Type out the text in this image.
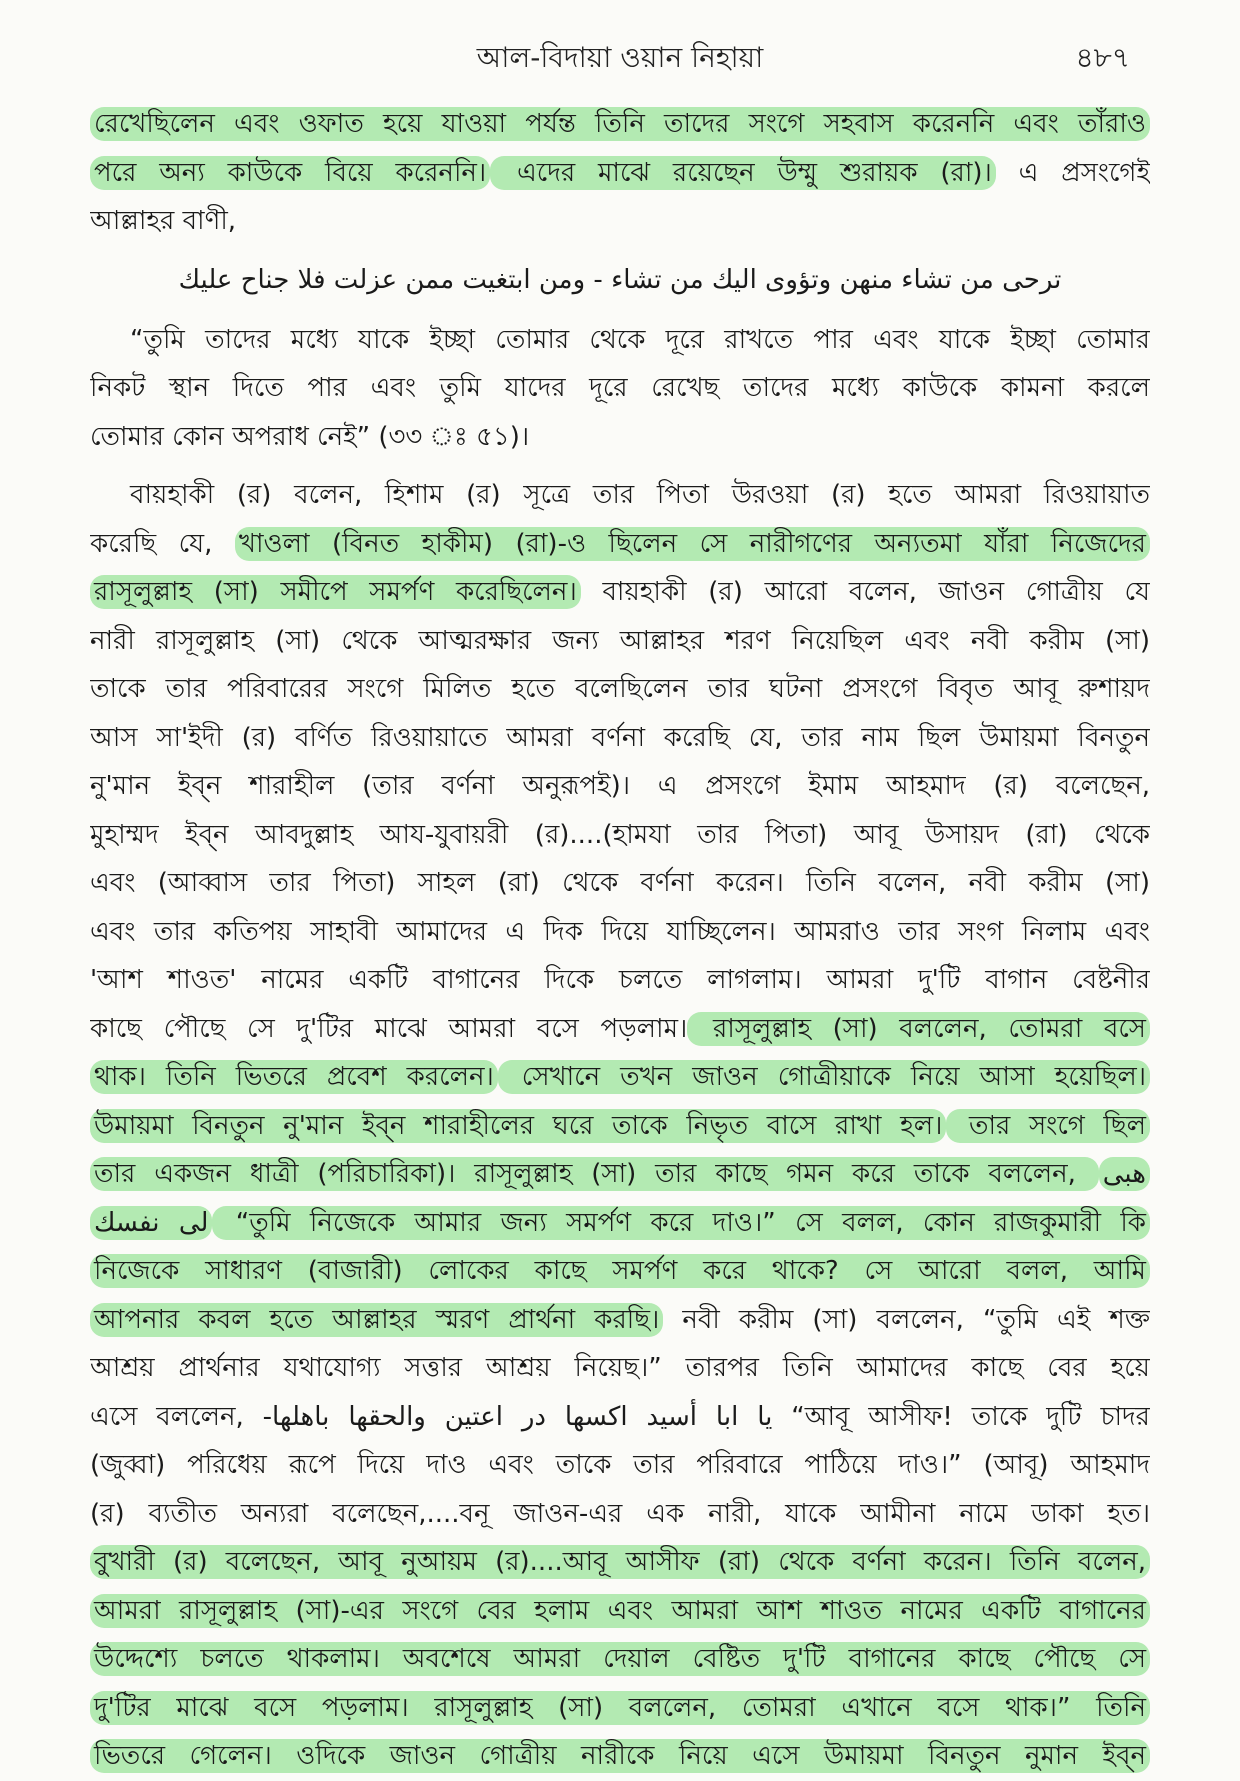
আল-বিদায়া ওয়ান নিহায়া	৪৮৭
রেখেছিলেন এবং ওফাত হয়ে যাওয়া পর্যন্ত তিনি তাদের সংগে সহবাস করেননি এবং তাঁরাও
পরে অন্য কাউকে বিয়ে করেননি। এদের মাঝে রয়েছেন উম্মু শুরায়ক (রা)। এ প্রসংগেই
আল্লাহর বাণী,
ترحی من تشاء منهن وتؤوی اليك من تشاء - ومن ابتغيت ممن عزلت فلا جناح عليك
“তুমি তাদের মধ্যে যাকে ইচ্ছা তোমার থেকে দূরে রাখতে পার এবং যাকে ইচ্ছা তোমার
নিকট স্থান দিতে পার এবং তুমি যাদের দূরে রেখেছ তাদের মধ্যে কাউকে কামনা করলে
তোমার কোন অপরাধ নেই” (৩৩ ঃ ৫১)।
বায়হাকী (র) বলেন, হিশাম (র) সূত্রে তার পিতা উরওয়া (র) হতে আমরা রিওয়ায়াত
করেছি যে, খাওলা (বিনত হাকীম) (রা)-ও ছিলেন সে নারীগণের অন্যতমা যাঁরা নিজেদের
রাসূলুল্লাহ (সা) সমীপে সমর্পণ করেছিলেন। বায়হাকী (র) আরো বলেন, জাওন গোত্রীয় যে
নারী রাসূলুল্লাহ (সা) থেকে আত্মরক্ষার জন্য আল্লাহর শরণ নিয়েছিল এবং নবী করীম (সা)
তাকে তার পরিবারের সংগে মিলিত হতে বলেছিলেন তার ঘটনা প্রসংগে বিবৃত আবূ রুশায়দ
আস সা'ইদী (র) বর্ণিত রিওয়ায়াতে আমরা বর্ণনা করেছি যে, তার নাম ছিল উমায়মা বিনতুন
নু'মান ইব্‌ন শারাহীল (তার বর্ণনা অনুরূপই)। এ প্রসংগে ইমাম আহমাদ (র) বলেছেন,
মুহাম্মদ ইব্‌ন আবদুল্লাহ আয-যুবায়রী (র)....(হামযা তার পিতা) আবূ উসায়দ (রা) থেকে
এবং (আব্বাস তার পিতা) সাহল (রা) থেকে বর্ণনা করেন। তিনি বলেন, নবী করীম (সা)
এবং তার কতিপয় সাহাবী আমাদের এ দিক দিয়ে যাচ্ছিলেন। আমরাও তার সংগ নিলাম এবং
'আশ শাওত' নামের একটি বাগানের দিকে চলতে লাগলাম। আমরা দু'টি বাগান বেষ্টনীর
কাছে পৌছে সে দু'টির মাঝে আমরা বসে পড়লাম। রাসূলুল্লাহ (সা) বললেন, তোমরা বসে
থাক। তিনি ভিতরে প্রবেশ করলেন। সেখানে তখন জাওন গোত্রীয়াকে নিয়ে আসা হয়েছিল।
উমায়মা বিনতুন নু'মান ইব্‌ন শারাহীলের ঘরে তাকে নিভৃত বাসে রাখা হল। তার সংগে ছিল
তার একজন ধাত্রী (পরিচারিকা)। রাসূলুল্লাহ (সা) তার কাছে গমন করে তাকে বললেন, هبی
لی نفسك “তুমি নিজেকে আমার জন্য সমর্পণ করে দাও।” সে বলল, কোন রাজকুমারী কি
নিজেকে সাধারণ (বাজারী) লোকের কাছে সমর্পণ করে থাকে? সে আরো বলল, আমি
আপনার কবল হতে আল্লাহর স্মরণ প্রার্থনা করছি। নবী করীম (সা) বললেন, “তুমি এই শক্ত
আশ্রয় প্রার্থনার যথাযোগ্য সত্তার আশ্রয় নিয়েছ।” তারপর তিনি আমাদের কাছে বের হয়ে
এসে বললেন, -يا ابا أسيد اكسها در اعتين والحقها باهلها “আবূ আসীফ! তাকে দুটি চাদর
(জুব্বা) পরিধেয় রূপে দিয়ে দাও এবং তাকে তার পরিবারে পাঠিয়ে দাও।” (আবূ) আহমাদ
(র) ব্যতীত অন্যরা বলেছেন,....বনূ জাওন-এর এক নারী, যাকে আমীনা নামে ডাকা হত।
বুখারী (র) বলেছেন, আবূ নুআয়ম (র)....আবূ আসীফ (রা) থেকে বর্ণনা করেন। তিনি বলেন,
আমরা রাসূলুল্লাহ (সা)-এর সংগে বের হলাম এবং আমরা আশ শাওত নামের একটি বাগানের
উদ্দেশ্যে চলতে থাকলাম। অবশেষে আমরা দেয়াল বেষ্টিত দু'টি বাগানের কাছে পৌছে সে
দু'টির মাঝে বসে পড়লাম। রাসূলুল্লাহ (সা) বললেন, তোমরা এখানে বসে থাক।” তিনি
ভিতরে গেলেন। ওদিকে জাওন গোত্রীয় নারীকে নিয়ে এসে উমায়মা বিনতুন নুমান ইব্‌ন
